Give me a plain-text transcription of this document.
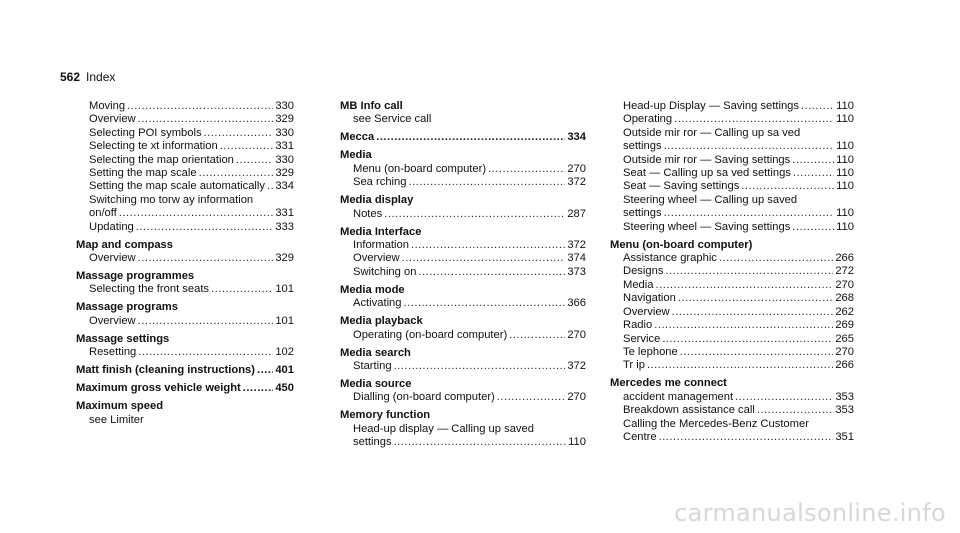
562 Index
Moving .....	330
Overview .....	329
Selecting POI symbols .....	330
Selecting te xt information .....	331
Selecting the map orientation .....	330
Setting the map scale .....	329
Setting the map scale automatically ..... 334
Switching mo torw ay information
on/off .....	331
Updating .....	333
Map and compass
Overview .....	329
Massage programmes
Selecting the front seats .....	101
Massage programs
Overview .....	101
Massage settings
Resetting .....	102
Matt finish (cleaning instructions) ..... 401
Maximum gross vehicle weight .....	450
Maximum speed
see Limiter
MB Info call
see Service call
Mecca .....	334
Media
Menu (on-board computer) .....	270
Sea rching .....	372
Media display
Notes .....	287
Media Interface
Information .....	372
Overview .....	374
Switching on .....	373
Media mode
Activating .....	366
Media playback
Operating (on-board computer) .....	270
Media search
Starting .....	372
Media source
Dialling (on-board computer) .....	270
Memory function
Head-up display — Calling up saved
settings .....	110
Head-up Display — Saving settings .....	110
Operating .....	110
Outside mir ror — Calling up sa ved
settings .....	110
Outside mir ror — Saving settings .....	110
Seat — Calling up sa ved settings .....	110
Seat — Saving settings .....	110
Steering wheel — Calling up saved
settings .....	110
Steering wheel — Saving settings .....	110
Menu (on-board computer)
Assistance graphic .....	266
Designs .....	272
Media .....	270
Navigation .....	268
Overview .....	262
Radio .....	269
Service .....	265
Te lephone .....	270
Tr ip .....	266
Mercedes me connect
accident management .....	353
Breakdown assistance call .....	353
Calling the Mercedes-Benz Customer
Centre .....	351
carmanualsonline.info
